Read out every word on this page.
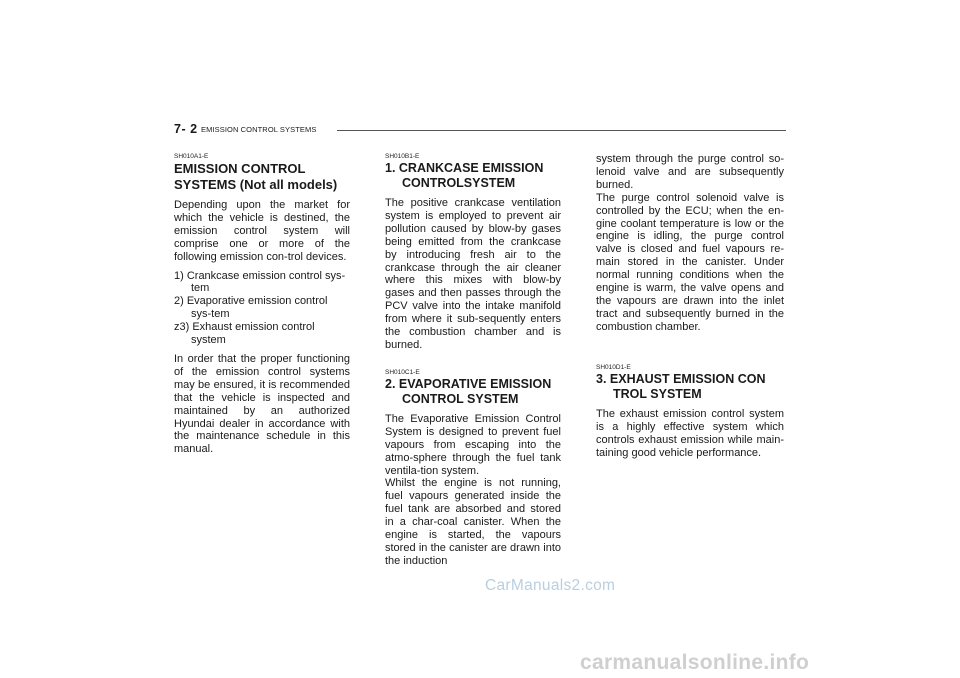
7- 2 EMISSION CONTROL SYSTEMS
SH010A1-E
EMISSION CONTROL SYSTEMS (Not all models)

Depending upon the market for which the vehicle is destined, the emission control system will comprise one or more of the following emission con-trol devices.

1) Crankcase emission control sys-tem
2) Evaporative emission control sys-tem
z3) Exhaust emission control system

In order that the proper functioning of the emission control systems may be ensured, it is recommended that the vehicle is inspected and maintained by an authorized Hyundai dealer in accordance with the maintenance schedule in this manual.

SH010B1-E
1. CRANKCASE EMISSION CONTROLSYSTEM

The positive crankcase ventilation system is employed to prevent air pollution caused by blow-by gases being emitted from the crankcase by introducing fresh air to the crankcase through the air cleaner where this mixes with blow-by gases and then passes through the PCV valve into the intake manifold from where it sub-sequently enters the combustion chamber and is burned.

SH010C1-E
2. EVAPORATIVE EMISSION CONTROL SYSTEM

The Evaporative Emission Control System is designed to prevent fuel vapours from escaping into the atmo-sphere through the fuel tank ventila-tion system.

Whilst the engine is not running, fuel vapours generated inside the fuel tank are absorbed and stored in a char-coal canister. When the engine is started, the vapours stored in the canister are drawn into the induction

system through the purge control so-lenoid valve and are subsequently burned.

The purge control solenoid valve is controlled by the ECU; when the en-gine coolant temperature is low or the engine is idling, the purge control valve is closed and fuel vapours re-main stored in the canister. Under normal running conditions when the engine is warm, the valve opens and the vapours are drawn into the inlet tract and subsequently burned in the combustion chamber.

SH010D1-E
3. EXHAUST EMISSION CON TROL SYSTEM

The exhaust emission control system is a highly effective system which controls exhaust emission while main-taining good vehicle performance.

CarManuals2.com
carmanualsonline.info
